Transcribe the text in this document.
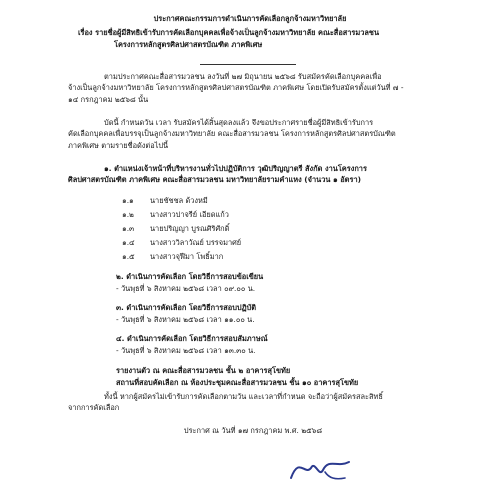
ประกาศคณะกรรมการดำเนินการคัดเลือกลูกจ้างมหาวิทยาลัย
เรื่อง รายชื่อผู้มีสิทธิเข้ารับการคัดเลือกบุคคลเพื่อจ้างเป็นลูกจ้างมหาวิทยาลัย คณะสื่อสารมวลชน
โครงการหลักสูตรศิลปศาสตรบัณฑิต ภาคพิเศษ
ตามประกาศคณะสื่อสารมวลชน ลงวันที่ ๒๗ มิถุนายน ๒๕๖๘ รับสมัครคัดเลือกบุคคลเพื่อ
จ้างเป็นลูกจ้างมหาวิทยาลัย โครงการหลักสูตรศิลปศาสตรบัณฑิต ภาคพิเศษ โดยเปิดรับสมัครตั้งแต่วันที่ ๗ -
๑๔ กรกฎาคม ๒๕๖๘ นั้น
บัดนี้ กำหนดวัน เวลา รับสมัครได้สิ้นสุดลงแล้ว จึงขอประกาศรายชื่อผู้มีสิทธิเข้ารับการ
คัดเลือกบุคคลเพื่อบรรจุเป็นลูกจ้างมหาวิทยาลัย คณะสื่อสารมวลชน โครงการหลักสูตรศิลปศาสตรบัณฑิต
ภาคพิเศษ ตามรายชื่อดังต่อไปนี้
๑. ตำแหน่งเจ้าหน้าที่บริหารงานทั่วไปปฏิบัติการ วุฒิปริญญาตรี สังกัด งานโครงการ
ศิลปศาสตรบัณฑิต ภาคพิเศษ คณะสื่อสารมวลชน มหาวิทยาลัยรามคำแหง (จำนวน ๑ อัตรา)
๑.๑	นายชัชชล ด้วงหมี
๑.๒	นางสาวปาจรีย์ เอียดแก้ว
๑.๓	นายปริญญา บูรณศิริศักดิ์
๑.๔	นางสาววิลาวัณย์ บรรจมาศย์
๑.๕	นางสาวจุฬีมา โพธิ์มาก
๒. ดำเนินการคัดเลือก โดยวิธีการสอบข้อเขียน
- วันพุธที่ ๖ สิงหาคม ๒๕๖๘ เวลา ๐๙.๐๐ น.
๓. ดำเนินการคัดเลือก โดยวิธีการสอบปฏิบัติ
- วันพุธที่ ๖ สิงหาคม ๒๕๖๘ เวลา ๑๑.๐๐ น.
๔. ดำเนินการคัดเลือก โดยวิธีการสอบสัมภาษณ์
- วันพุธที่ ๖ สิงหาคม ๒๕๖๘ เวลา ๑๓.๓๐ น.
รายงานตัว ณ คณะสื่อสารมวลชน ชั้น ๒ อาคารสุโขทัย
สถานที่สอบคัดเลือก ณ ห้องประชุมคณะสื่อสารมวลชน ชั้น ๑๐ อาคารสุโขทัย
ทั้งนี้ หากผู้สมัครไม่เข้ารับการคัดเลือกตามวัน และเวลาที่กำหนด จะถือว่าผู้สมัครสละสิทธิ์
จากการคัดเลือก
ประกาศ ณ วันที่ ๑๗ กรกฎาคม พ.ศ. ๒๕๖๘
